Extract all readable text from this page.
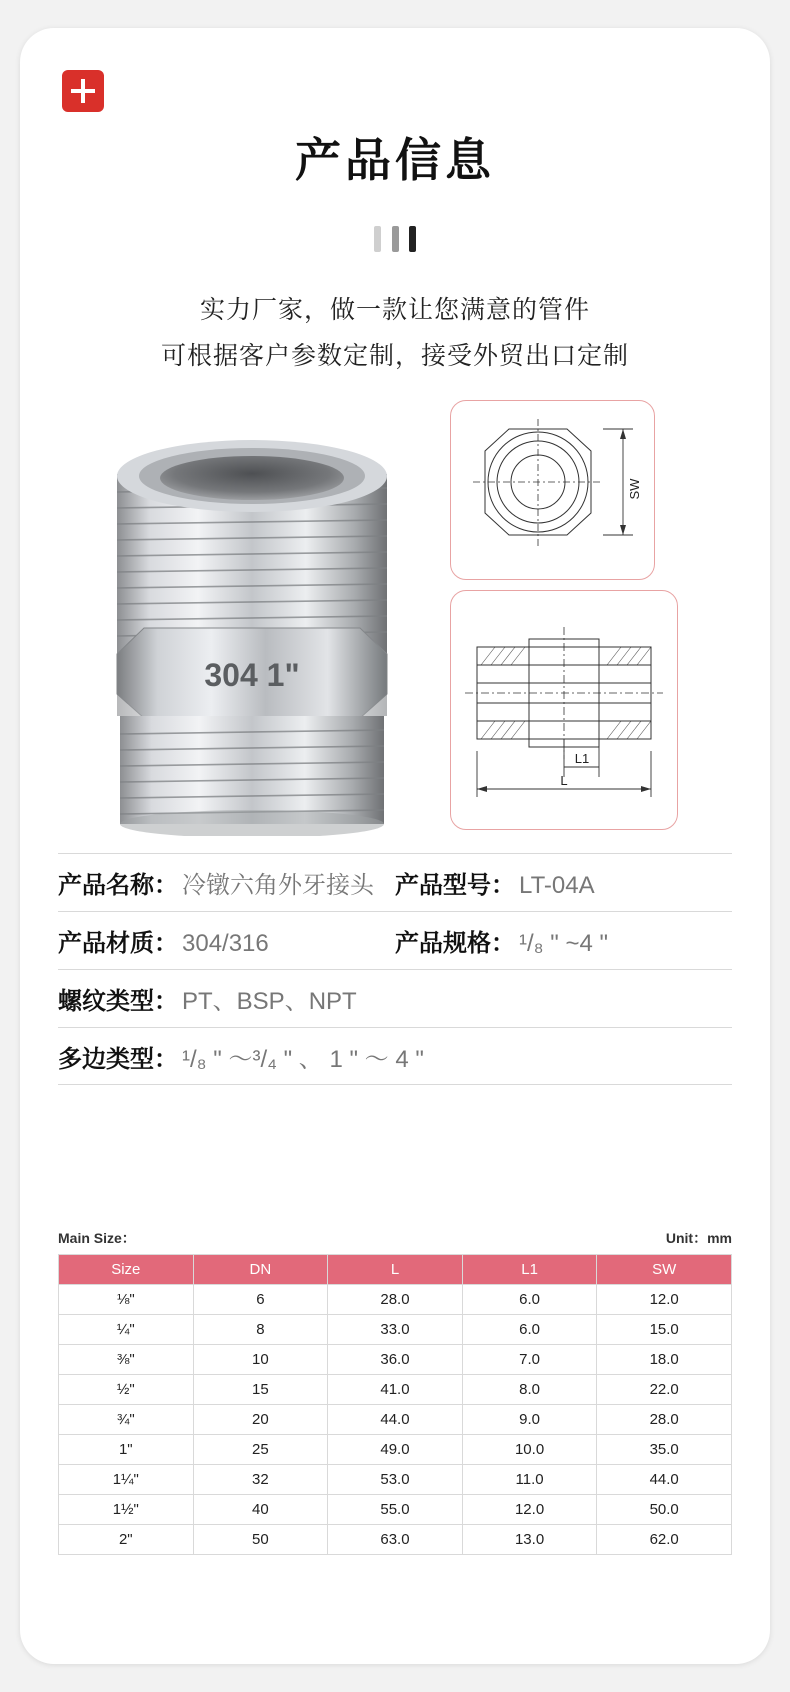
产品信息

实力厂家，做一款让您满意的管件
可根据客户参数定制，接受外贸出口定制
304 1"
SW
L1
L
产品名称： 冷镦六角外牙接头 产品型号： LT-04A
产品材质： 304/316	产品规格： ¹/₈ " ~4 "
螺纹类型： PT、BSP、NPT
多边类型： ¹/₈ " ～³/₄ " 、 1 " ～ 4 "
Main Size：	Unit：mm
Size	DN	L	L1	SW
⅛"	6	28.0	6.0	12.0
¼"	8	33.0	6.0	15.0
⅜"	10	36.0	7.0	18.0
½"	15	41.0	8.0	22.0
¾"	20	44.0	9.0	28.0
1"	25	49.0	10.0	35.0
1¼"	32	53.0	11.0	44.0
1½"	40	55.0	12.0	50.0
2"	50	63.0	13.0	62.0
